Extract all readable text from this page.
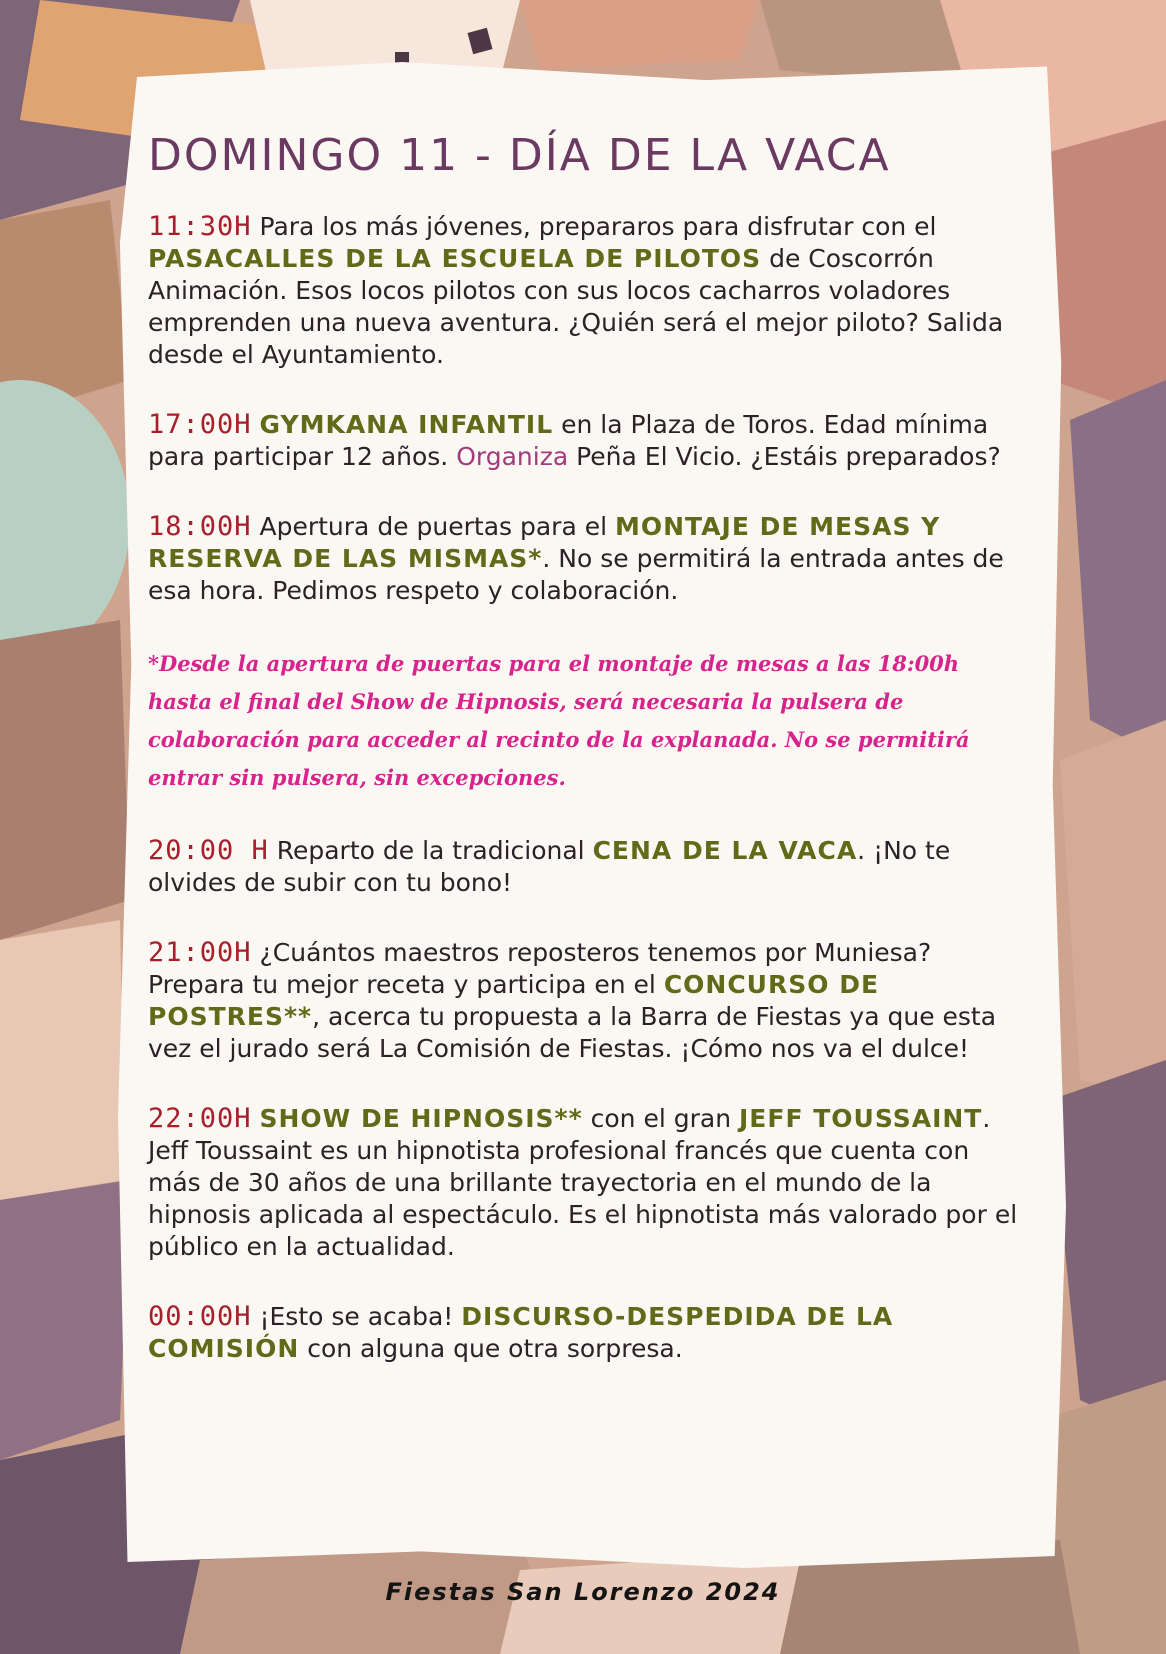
DOMINGO 11 - DÍA DE LA VACA

11:30H Para los más jóvenes, prepararos para disfrutar con el PASACALLES DE LA ESCUELA DE PILOTOS de Coscorrón Animación. Esos locos pilotos con sus locos cacharros voladores emprenden una nueva aventura. ¿Quién será el mejor piloto? Salida desde el Ayuntamiento.

17:00H GYMKANA INFANTIL en la Plaza de Toros. Edad mínima para participar 12 años. Organiza Peña El Vicio. ¿Estáis preparados?

18:00H Apertura de puertas para el MONTAJE DE MESAS Y RESERVA DE LAS MISMAS*. No se permitirá la entrada antes de esa hora. Pedimos respeto y colaboración.

*Desde la apertura de puertas para el montaje de mesas a las 18:00h hasta el final del Show de Hipnosis, será necesaria la pulsera de colaboración para acceder al recinto de la explanada. No se permitirá entrar sin pulsera, sin excepciones.

20:00 H Reparto de la tradicional CENA DE LA VACA. ¡No te olvides de subir con tu bono!

21:00H ¿Cuántos maestros reposteros tenemos por Muniesa? Prepara tu mejor receta y participa en el CONCURSO DE POSTRES**, acerca tu propuesta a la Barra de Fiestas ya que esta vez el jurado será La Comisión de Fiestas. ¡Cómo nos va el dulce!

22:00H SHOW DE HIPNOSIS** con el gran JEFF TOUSSAINT. Jeff Toussaint es un hipnotista profesional francés que cuenta con más de 30 años de una brillante trayectoria en el mundo de la hipnosis aplicada al espectáculo. Es el hipnotista más valorado por el público en la actualidad.

00:00H ¡Esto se acaba! DISCURSO-DESPEDIDA DE LA COMISIÓN con alguna que otra sorpresa.

Fiestas San Lorenzo 2024
